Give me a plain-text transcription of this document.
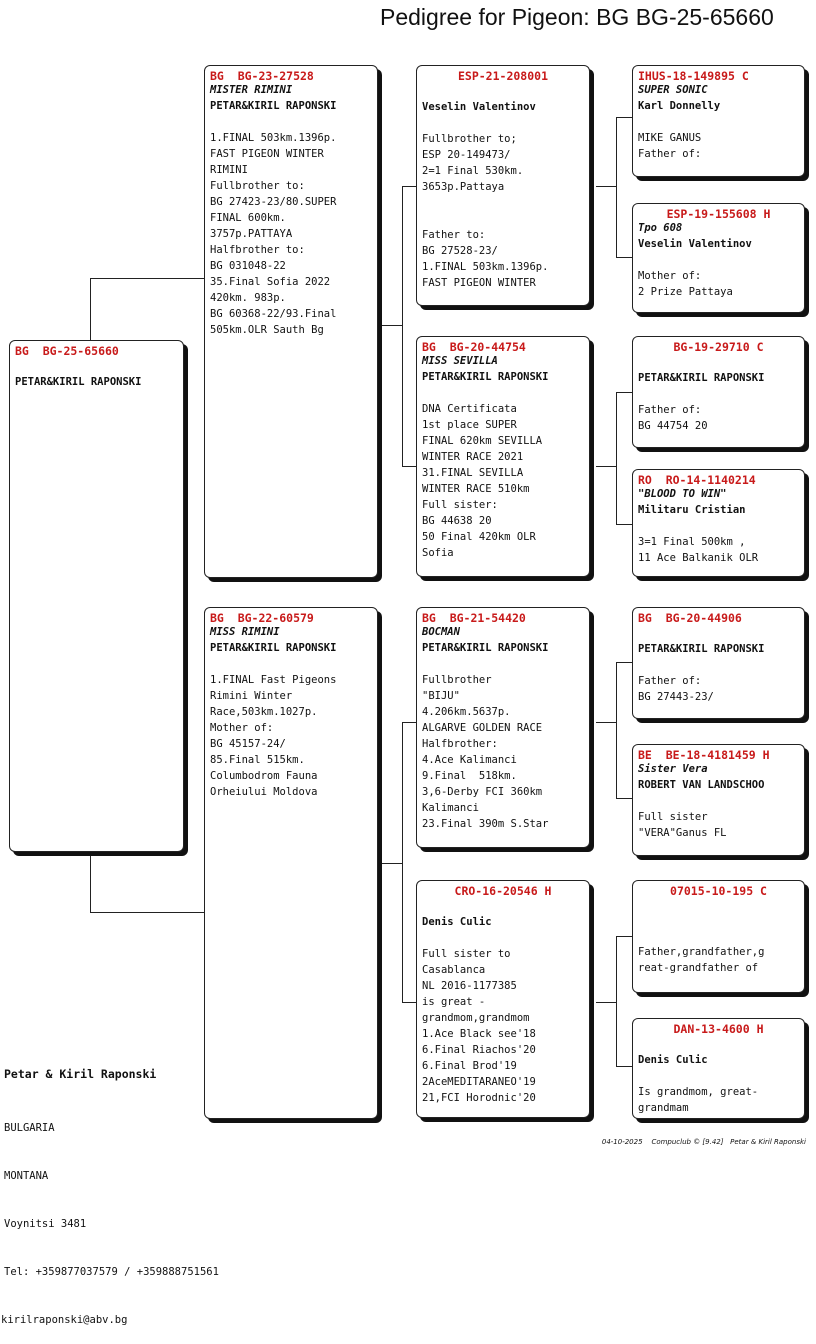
Pedigree for Pigeon: BG BG-25-65660
BG  BG-25-65660
PETAR&KIRIL RAPONSKI
BG  BG-23-27528
MISTER RIMINI
PETAR&KIRIL RAPONSKI
1.FINAL 503km.1396p.
FAST PIGEON WINTER
RIMINI
Fullbrother to:
BG 27423-23/80.SUPER
FINAL 600km.
3757p.PATTAYA
Halfbrother to:
BG 031048-22
35.Final Sofia 2022
420km. 983p.
BG 60368-22/93.Final
505km.OLR Sauth Bg
BG  BG-22-60579
MISS RIMINI
PETAR&KIRIL RAPONSKI
1.FINAL Fast Pigeons
Rimini Winter
Race,503km.1027p.
Mother of:
BG 45157-24/
85.Final 515km.
Columbodrom Fauna
Orheiului Moldova
ESP-21-208001
Veselin Valentinov
Fullbrother to;
ESP 20-149473/
2=1 Final 530km.
3653p.Pattaya

Father to:
BG 27528-23/
1.FINAL 503km.1396p.
FAST PIGEON WINTER
BG  BG-20-44754
MISS SEVILLA
PETAR&KIRIL RAPONSKI
DNA Certificata
1st place SUPER
FINAL 620km SEVILLA
WINTER RACE 2021
31.FINAL SEVILLA
WINTER RACE 510km
Full sister:
BG 44638 20
50 Final 420km OLR
Sofia
BG  BG-21-54420
BOCMAN
PETAR&KIRIL RAPONSKI
Fullbrother
"BIJU"
4.206km.5637p.
ALGARVE GOLDEN RACE
Halfbrother:
4.Ace Kalimanci
9.Final  518km.
3,6-Derby FCI 360km
Kalimanci
23.Final 390m S.Star
CRO-16-20546 H
Denis Culic
Full sister to
Casablanca
NL 2016-1177385
is great -
grandmom,grandmom
1.Ace Black see'18
6.Final Riachos'20
6.Final Brod'19
2AceMEDITARANEO'19
21,FCI Horodnic'20
IHUS-18-149895 C
SUPER SONIC
Karl Donnelly
MIKE GANUS
Father of:
ESP-19-155608 H
Tpo 608
Veselin Valentinov
Mother of:
2 Prize Pattaya
BG-19-29710 C
PETAR&KIRIL RAPONSKI
Father of:
BG 44754 20
RO  RO-14-1140214
"BLOOD TO WIN"
Militaru Cristian
3=1 Final 500km ,
11 Ace Balkanik OLR
BG  BG-20-44906
PETAR&KIRIL RAPONSKI
Father of:
BG 27443-23/
BE  BE-18-4181459 H
Sister Vera
ROBERT VAN LANDSCHOO
Full sister
"VERA"Ganus FL
07015-10-195 C
Father,grandfather,g
reat-grandfather of
DAN-13-4600 H
Denis Culic
Is grandmom, great-
grandmam

Petar & Kiril Raponski

BULGARIA

MONTANA

Voynitsi 3481

Tel: +359877037579 / +359888751561

kirilraponski@abv.bg

04-10-2025    Compuclub © [9.42]   Petar & Kiril Raponski
